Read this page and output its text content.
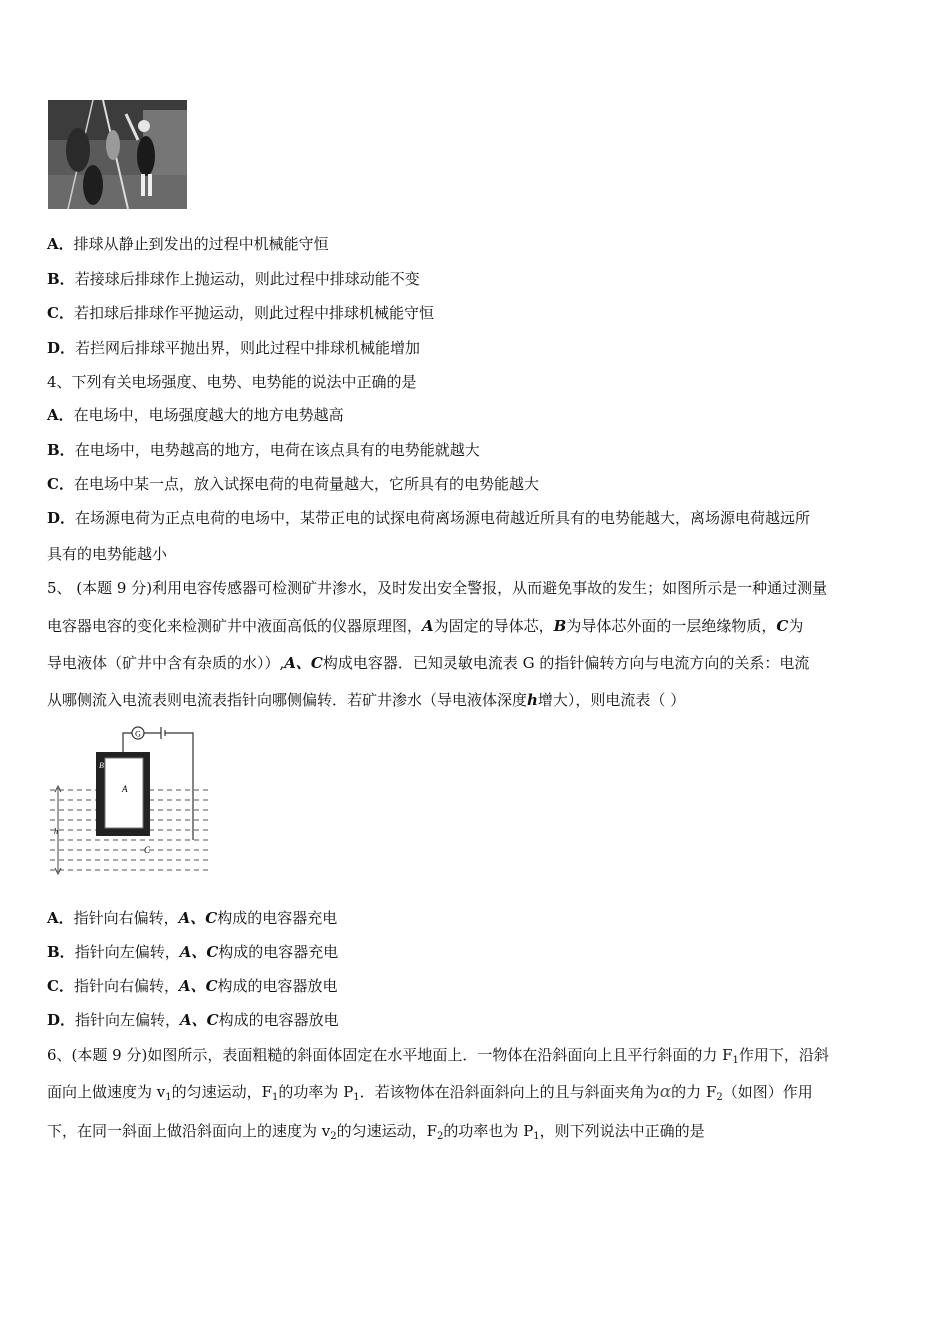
A．排球从静止到发出的过程中机械能守恒
B．若接球后排球作上抛运动，则此过程中排球动能不变
C．若扣球后排球作平抛运动，则此过程中排球机械能守恒
D．若拦网后排球平抛出界，则此过程中排球机械能增加
4、下列有关电场强度、电势、电势能的说法中正确的是
A．在电场中，电场强度越大的地方电势越高
B．在电场中，电势越高的地方，电荷在该点具有的电势能就越大
C．在电场中某一点，放入试探电荷的电荷量越大，它所具有的电势能越大
D．在场源电荷为正点电荷的电场中，某带正电的试探电荷离场源电荷越近所具有的电势能越大，离场源电荷越远所
具有的电势能越小
5、 (本题 9 分)利用电容传感器可检测矿井渗水，及时发出安全警报，从而避免事故的发生；如图所示是一种通过测量
电容器电容的变化来检测矿井中液面高低的仪器原理图，A为固定的导体芯，B为导体芯外面的一层绝缘物质，C为
导电液体（矿井中含有杂质的水））,A、C构成电容器．已知灵敏电流表 G 的指针偏转方向与电流方向的关系：电流
从哪侧流入电流表则电流表指针向哪侧偏转．若矿井渗水（导电液体深度h增大），则电流表（ ）
G
A
B
C
h
A．指针向右偏转，A、C构成的电容器充电
B．指针向左偏转，A、C构成的电容器充电
C．指针向右偏转，A、C构成的电容器放电
D．指针向左偏转，A、C构成的电容器放电
6、(本题 9 分)如图所示，表面粗糙的斜面体固定在水平地面上．一物体在沿斜面向上且平行斜面的力 $F_1$作用下，沿斜
面向上做速度为 $v_1$的匀速运动，$F_1$的功率为 $P_1$．若该物体在沿斜面斜向上的且与斜面夹角为α的力 $F_2$（如图）作用
下，在同一斜面上做沿斜面向上的速度为 $v_2$的匀速运动，$F_2$的功率也为 $P_1$，则下列说法中正确的是
